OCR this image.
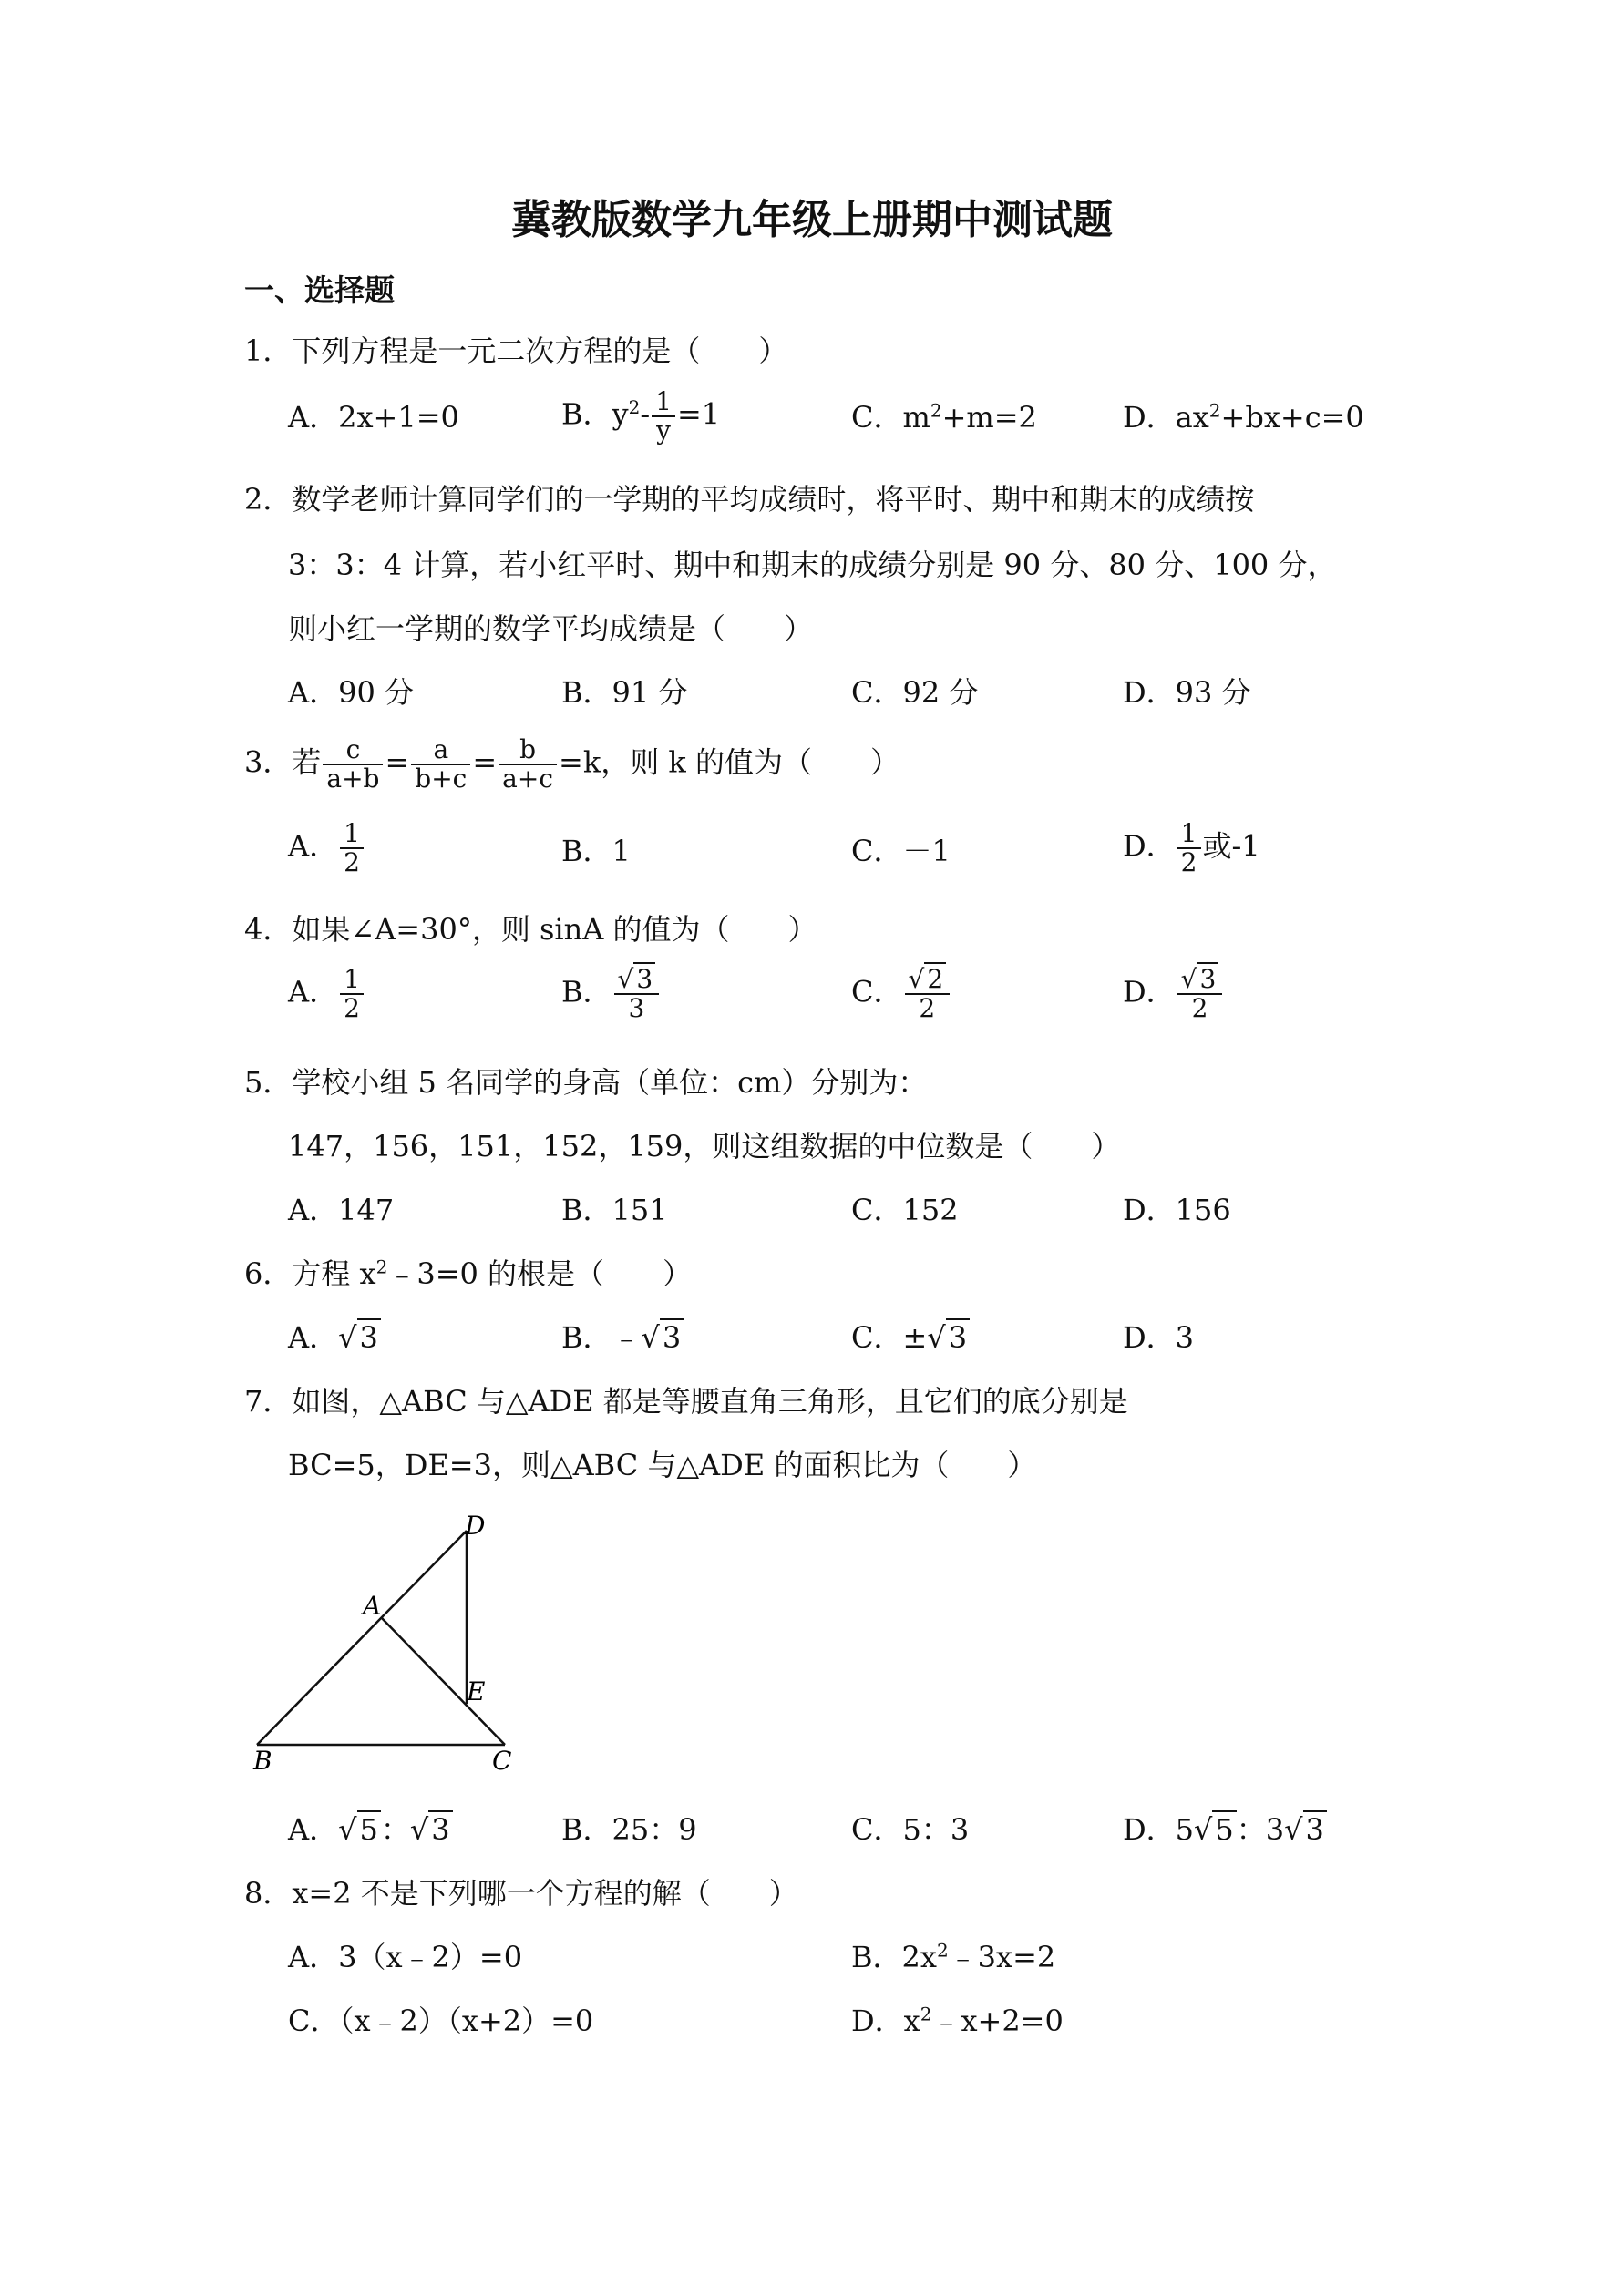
冀教版数学九年级上册期中测试题
一、选择题
1．下列方程是一元二次方程的是（　　）
A．2x+1=0	B．$y^2- \frac{1}{y} =1$	C．$m^2+m=2$	D．$ax^2+bx+c=0$
2．数学老师计算同学们的一学期的平均成绩时，将平时、期中和期末的成绩按
3：3：4 计算，若小红平时、期中和期末的成绩分别是 90 分、80 分、100 分，
则小红一学期的数学平均成绩是（　　）
A．90 分	B．91 分	C．92 分	D．93 分
3．若 $\frac{c}{a+b} = \frac{a}{b+c} = \frac{b}{a+c} =k$，则 k 的值为（　　）
A． $\frac{1}{2}$	B．1	C．－1	D． $\frac{1}{2}$ 或-1
4．如果∠A=30°，则 sinA 的值为（　　）
A． $\frac{1}{2}$	B． $\frac{√ 3}{3}$	C． $\frac{√ 2}{2}$	D． $\frac{√ 3}{2}$
5．学校小组 5 名同学的身高（单位：cm）分别为：
147，156，151，152，159，则这组数据的中位数是（　　）
A．147	B．151	C．152	D．156
6．方程 $x^2﹣3=0$ 的根是（　　）
A．√3	B．﹣√3	C．±√3	D．3
7．如图，△ABC 与△ADE 都是等腰直角三角形，且它们的底分别是
BC=5，DE=3，则△ABC 与△ADE 的面积比为（　　）
D
A
E
B	C
A．√5：√3	B．25：9	C．5：3	D．5√5：3√3
8．x=2 不是下列哪一个方程的解（　　）
A．3（x﹣2）=0	B．$2x^2﹣3x=2$
C．（x﹣2）（x+2）=0	D．$x^2﹣x+2=0$
